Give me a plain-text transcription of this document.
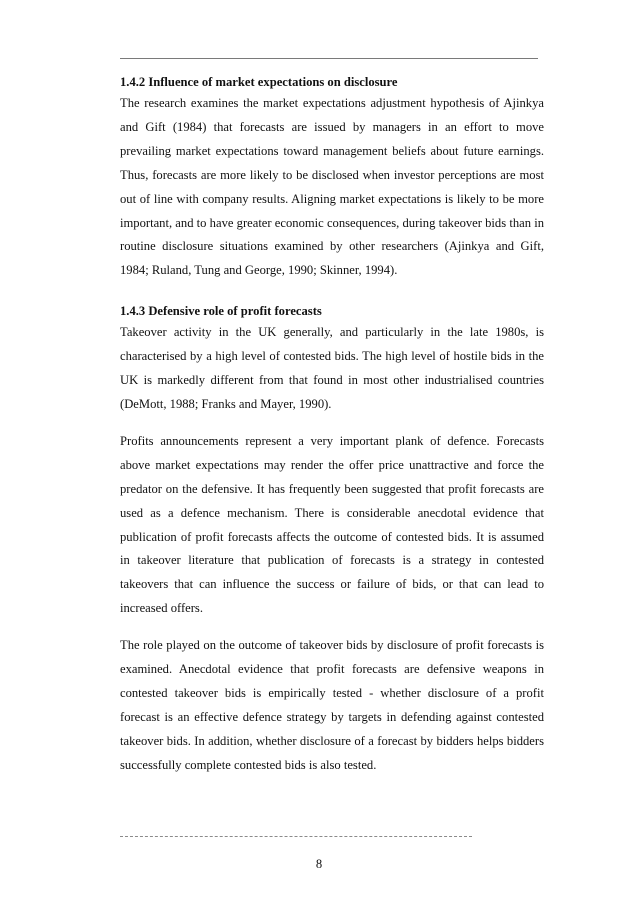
1.4.2 Influence of market expectations on disclosure

The research examines the market expectations adjustment hypothesis of Ajinkya and Gift (1984) that forecasts are issued by managers in an effort to move prevailing market expectations toward management beliefs about future earnings. Thus, forecasts are more likely to be disclosed when investor perceptions are most out of line with company results. Aligning market expectations is likely to be more important, and to have greater economic consequences, during takeover bids than in routine disclosure situations examined by other researchers (Ajinkya and Gift, 1984; Ruland, Tung and George, 1990; Skinner, 1994).

1.4.3 Defensive role of profit forecasts

Takeover activity in the UK generally, and particularly in the late 1980s, is characterised by a high level of contested bids. The high level of hostile bids in the UK is markedly different from that found in most other industrialised countries (DeMott, 1988; Franks and Mayer, 1990).

Profits announcements represent a very important plank of defence. Forecasts above market expectations may render the offer price unattractive and force the predator on the defensive. It has frequently been suggested that profit forecasts are used as a defence mechanism. There is considerable anecdotal evidence that publication of profit forecasts affects the outcome of contested bids. It is assumed in takeover literature that publication of forecasts is a strategy in contested takeovers that can influence the success or failure of bids, or that can lead to increased offers.

The role played on the outcome of takeover bids by disclosure of profit forecasts is examined. Anecdotal evidence that profit forecasts are defensive weapons in contested takeover bids is empirically tested - whether disclosure of a profit forecast is an effective defence strategy by targets in defending against contested takeover bids. In addition, whether disclosure of a forecast by bidders helps bidders successfully complete contested bids is also tested.

8
